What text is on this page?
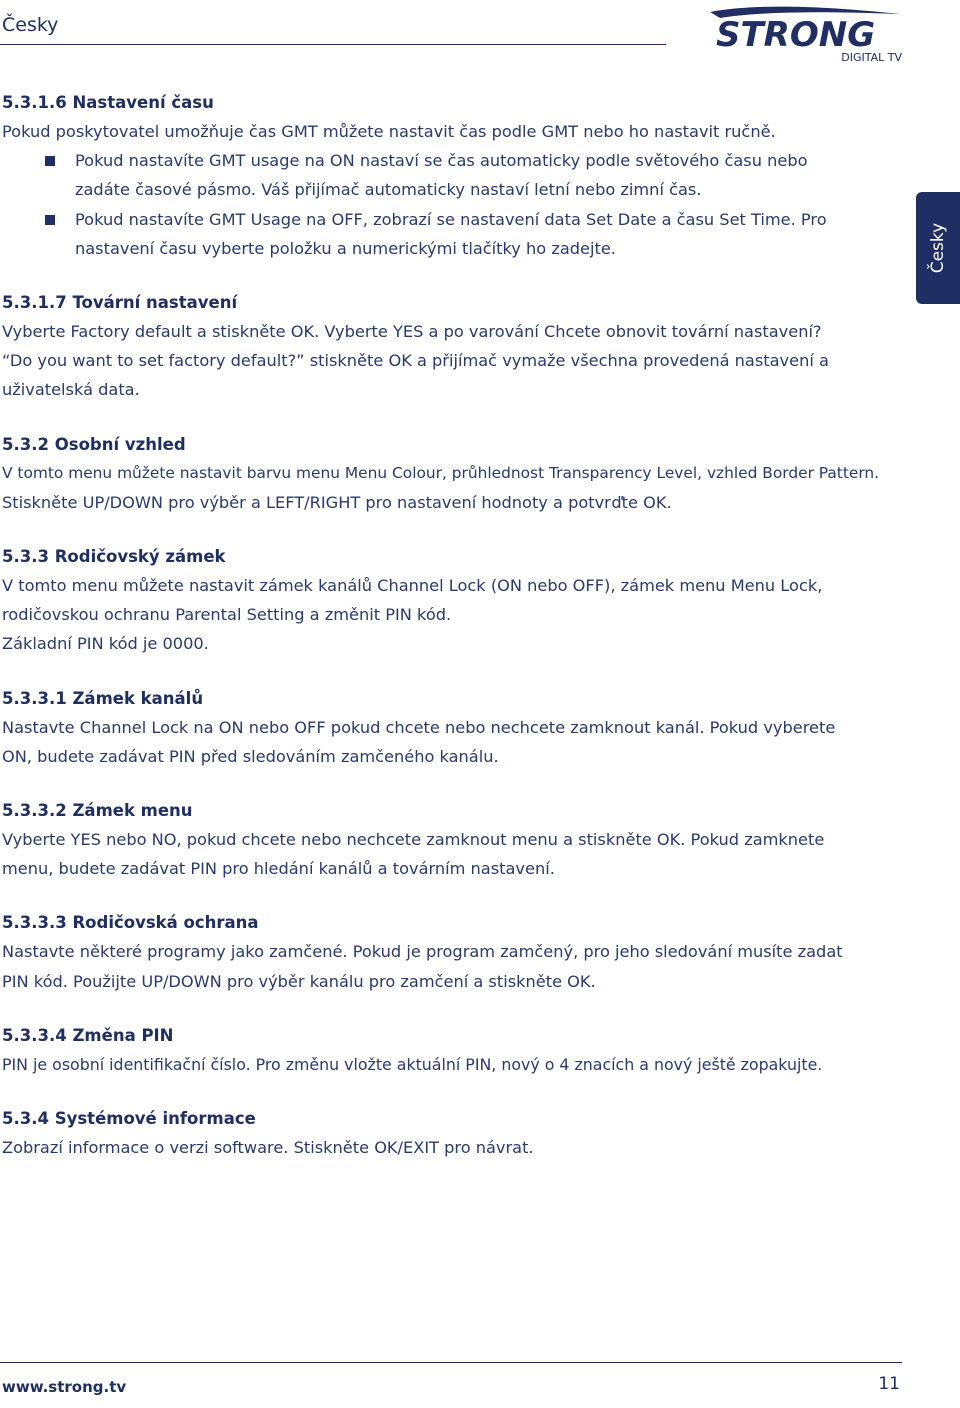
Česky	STRONG
DIGITAL TV
Česky
5.3.1.6 Nastavení času

Pokud poskytovatel umožňuje čas GMT můžete nastavit čas podle GMT nebo ho nastavit ručně.

Pokud nastavíte GMT usage na ON nastaví se čas automaticky podle světového času nebo
zadáte časové pásmo. Váš přijímač automaticky nastaví letní nebo zimní čas.
Pokud nastavíte GMT Usage na OFF, zobrazí se nastavení data Set Date a času Set Time. Pro
nastavení času vyberte položku a numerickými tlačítky ho zadejte.
5.3.1.7 Tovární nastavení

Vyberte Factory default a stiskněte OK. Vyberte YES a po varování Chcete obnovit tovární nastavení?

“Do you want to set factory default?” stiskněte OK a přijímač vymaže všechna provedená nastavení a

uživatelská data.

5.3.2 Osobní vzhled

V tomto menu můžete nastavit barvu menu Menu Colour, průhlednost Transparency Level, vzhled Border Pattern.

Stiskněte UP/DOWN pro výběr a LEFT/RIGHT pro nastavení hodnoty a potvrďte OK.

5.3.3 Rodičovský zámek

V tomto menu můžete nastavit zámek kanálů Channel Lock (ON nebo OFF), zámek menu Menu Lock,

rodičovskou ochranu Parental Setting a změnit PIN kód.

Základní PIN kód je 0000.

5.3.3.1 Zámek kanálů

Nastavte Channel Lock na ON nebo OFF pokud chcete nebo nechcete zamknout kanál. Pokud vyberete

ON, budete zadávat PIN před sledováním zamčeného kanálu.

5.3.3.2 Zámek menu

Vyberte YES nebo NO, pokud chcete nebo nechcete zamknout menu a stiskněte OK. Pokud zamknete

menu, budete zadávat PIN pro hledání kanálů a továrním nastavení.

5.3.3.3 Rodičovská ochrana

Nastavte některé programy jako zamčené. Pokud je program zamčený, pro jeho sledování musíte zadat

PIN kód. Použijte UP/DOWN pro výběr kanálu pro zamčení a stiskněte OK.

5.3.3.4 Změna PIN

PIN je osobní identifikační číslo. Pro změnu vložte aktuální PIN, nový o 4 znacích a nový ještě zopakujte.

5.3.4 Systémové informace

Zobrazí informace o verzi software. Stiskněte OK/EXIT pro návrat.

www.strong.tv	11
